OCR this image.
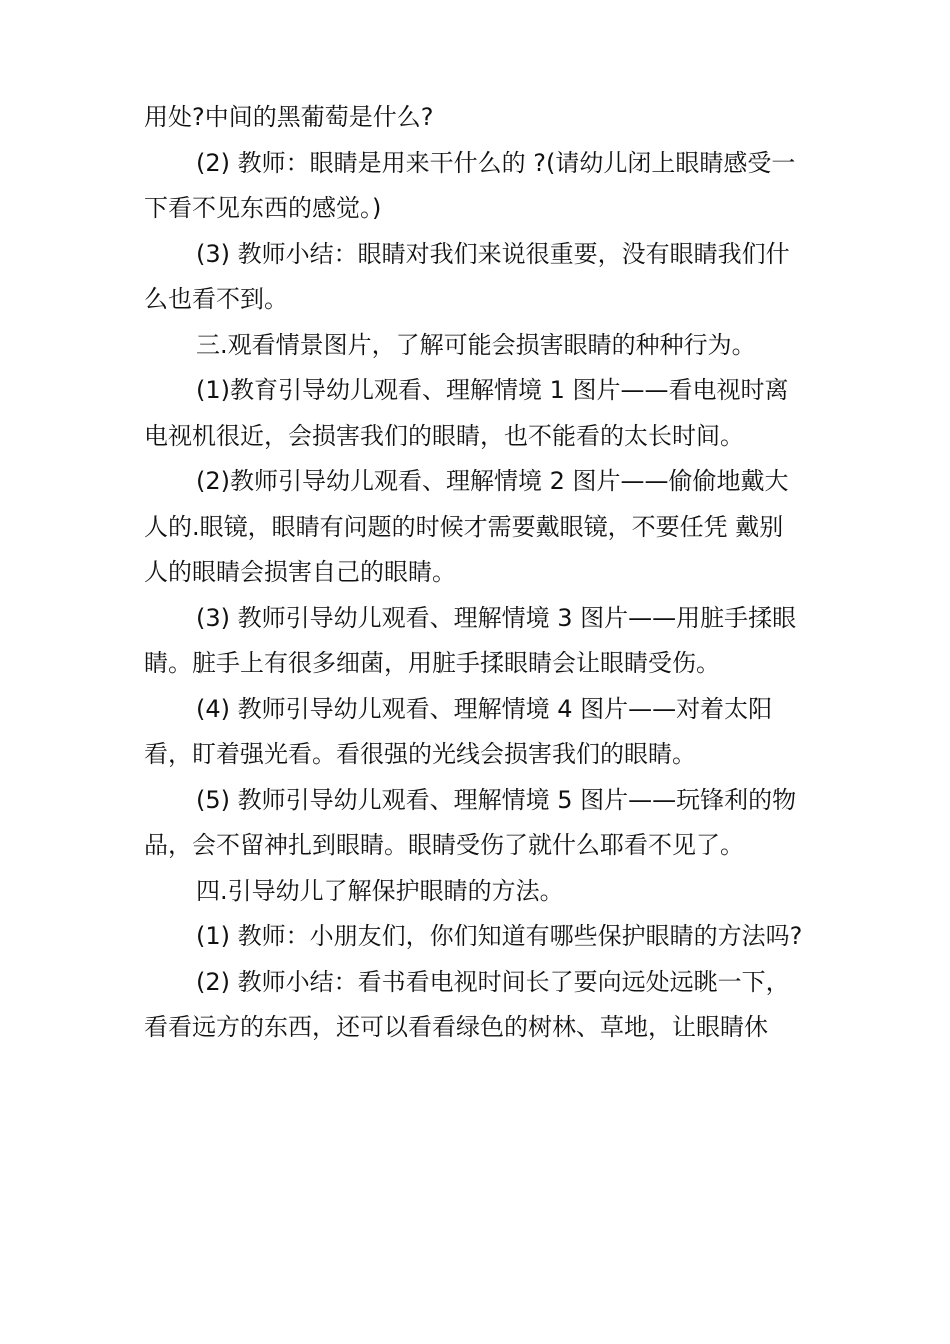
用处?中间的黑葡萄是什么?

(2) 教师：眼睛是用来干什么的 ?(请幼儿闭上眼睛感受一下看不见东西的感觉。)

(3) 教师小结：眼睛对我们来说很重要，没有眼睛我们什么也看不到。

三.观看情景图片，了解可能会损害眼睛的种种行为。

(1)教育引导幼儿观看、理解情境 1 图片——看电视时离电视机很近，会损害我们的眼睛，也不能看的太长时间。

(2)教师引导幼儿观看、理解情境 2 图片——偷偷地戴大人的.眼镜，眼睛有问题的时候才需要戴眼镜，不要任凭 戴别人的眼睛会损害自己的眼睛。

(3) 教师引导幼儿观看、理解情境 3 图片——用脏手揉眼睛。脏手上有很多细菌，用脏手揉眼睛会让眼睛受伤。

(4) 教师引导幼儿观看、理解情境 4 图片——对着太阳看，盯着强光看。看很强的光线会损害我们的眼睛。

(5) 教师引导幼儿观看、理解情境 5 图片——玩锋利的物品，会不留神扎到眼睛。眼睛受伤了就什么耶看不见了。

四.引导幼儿了解保护眼睛的方法。

(1) 教师：小朋友们，你们知道有哪些保护眼睛的方法吗?

(2) 教师小结：看书看电视时间长了要向远处远眺一下，看看远方的东西，还可以看看绿色的树林、草地，让眼睛休
